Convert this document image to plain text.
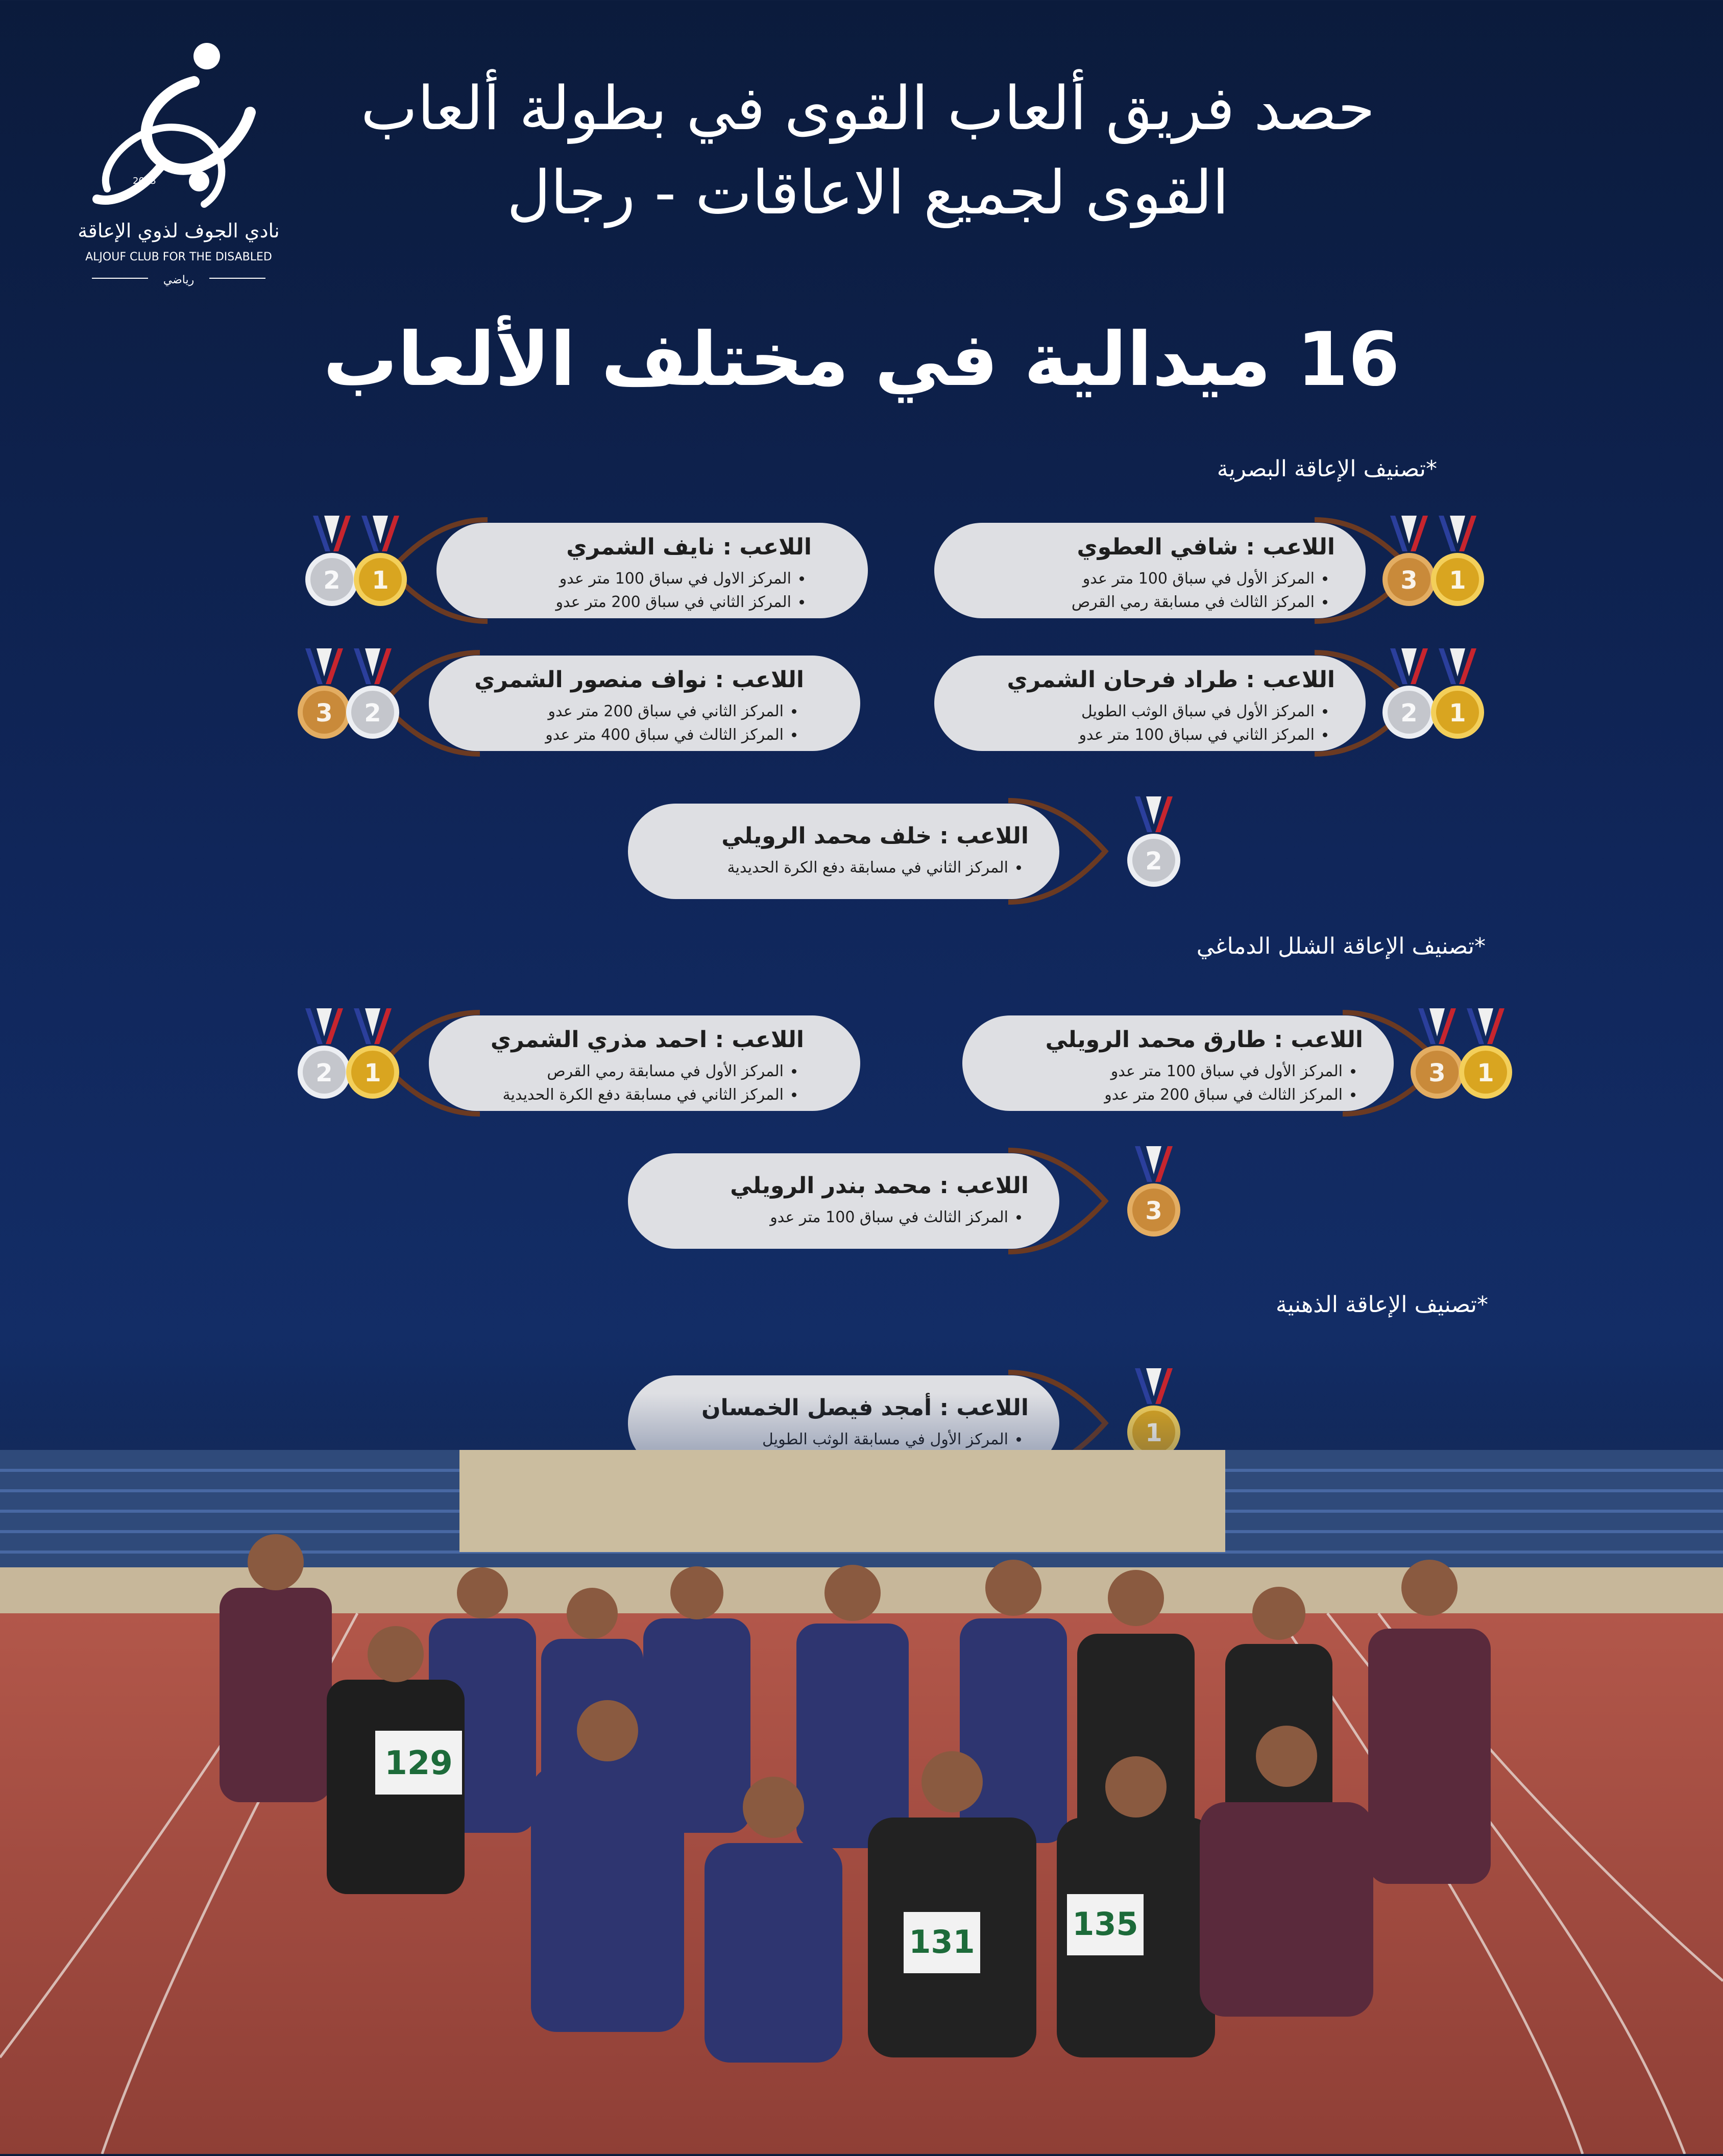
2013
نادي الجوف لذوي الإعاقة
ALJOUF CLUB FOR THE DISABLED
رياضي
حصد فريق ألعاب القوى في بطولة ألعاب
القوى لجميع الاعاقات - رجال
16 ميدالية في مختلف الألعاب
*تصنيف الإعاقة البصرية
*تصنيف الإعاقة الشلل الدماغي
*تصنيف الإعاقة الذهنية

اللاعب : شافي العطوي

• المركز الأول في سباق 100 متر عدو
• المركز الثالث في مسابقة رمي القرص
3 1

اللاعب : نايف الشمري

• المركز الاول في سباق 100 متر عدو
• المركز الثاني في سباق 200 متر عدو
2 1

اللاعب : طراد فرحان الشمري

• المركز الأول في سباق الوثب الطويل
• المركز الثاني في سباق 100 متر عدو
2 1

اللاعب : نواف منصور الشمري

• المركز الثاني في سباق 200 متر عدو
• المركز الثالث في سباق 400 متر عدو
3 2

اللاعب : خلف محمد الرويلي

• المركز الثاني في مسابقة دفع الكرة الحديدية	2

اللاعب : طارق محمد الرويلي

• المركز الأول في سباق 100 متر عدو
• المركز الثالث في سباق 200 متر عدو
3 1

اللاعب : احمد مذري الشمري

• المركز الأول في مسابقة رمي القرص
• المركز الثاني في مسابقة دفع الكرة الحديدية
2 1

اللاعب : محمد بندر الرويلي

• المركز الثالث في سباق 100 متر عدو	3

•
129
131	135
